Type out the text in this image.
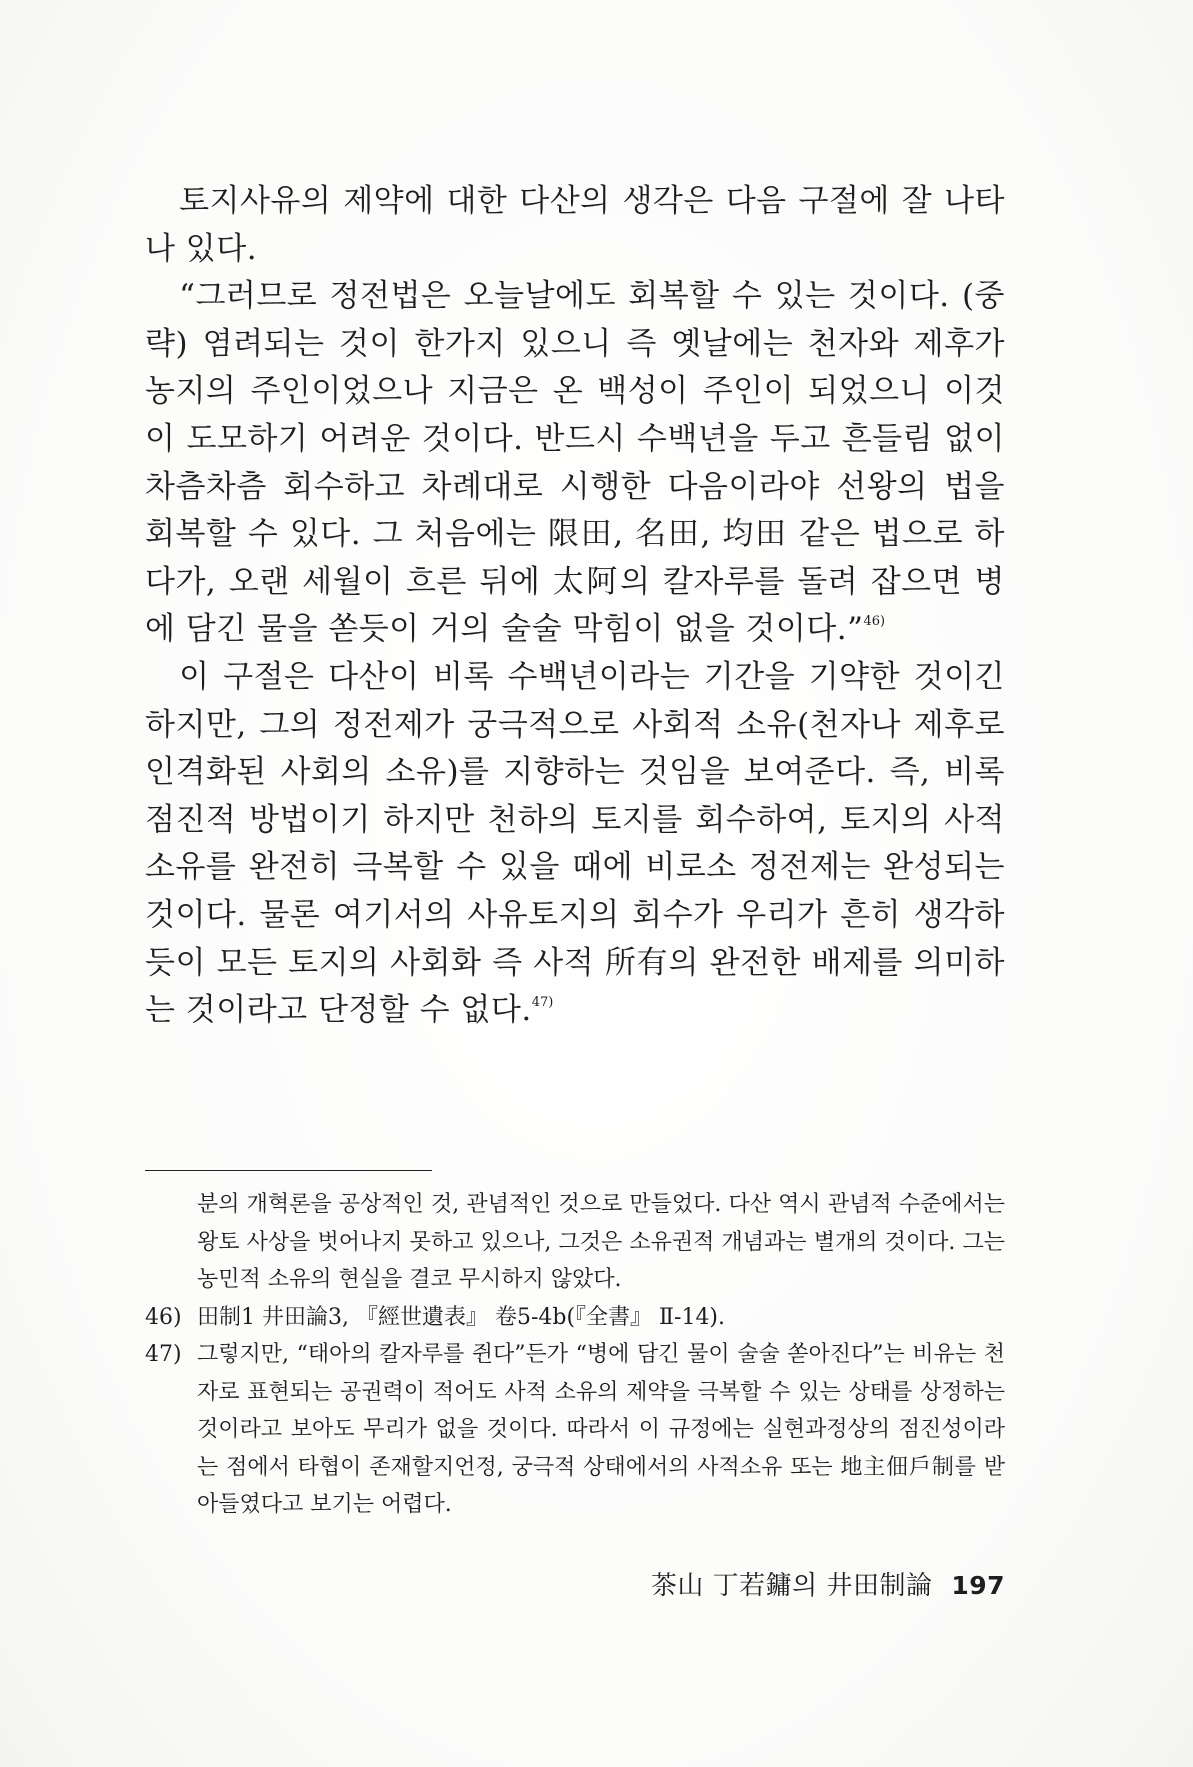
토지사유의 제약에 대한 다산의 생각은 다음 구절에 잘 나타나 있다.

“그러므로 정전법은 오늘날에도 회복할 수 있는 것이다. (중략) 염려되는 것이 한가지 있으니 즉 옛날에는 천자와 제후가 농지의 주인이었으나 지금은 온 백성이 주인이 되었으니 이것이 도모하기 어려운 것이다. 반드시 수백년을 두고 흔들림 없이 차츰차츰 회수하고 차례대로 시행한 다음이라야 선왕의 법을 회복할 수 있다. 그 처음에는 限田, 名田, 均田 같은 법으로 하다가, 오랜 세월이 흐른 뒤에 太阿의 칼자루를 돌려 잡으면 병에 담긴 물을 쏟듯이 거의 술술 막힘이 없을 것이다.”$^{46)}$

이 구절은 다산이 비록 수백년이라는 기간을 기약한 것이긴 하지만, 그의 정전제가 궁극적으로 사회적 소유(천자나 제후로 인격화된 사회의 소유)를 지향하는 것임을 보여준다. 즉, 비록 점진적 방법이기 하지만 천하의 토지를 회수하여, 토지의 사적 소유를 완전히 극복할 수 있을 때에 비로소 정전제는 완성되는 것이다. 물론 여기서의 사유토지의 회수가 우리가 흔히 생각하듯이 모든 토지의 사회화 즉 사적 所有의 완전한 배제를 의미하는 것이라고 단정할 수 없다.$^{47)}$

분의 개혁론을 공상적인 것, 관념적인 것으로 만들었다. 다산 역시 관념적 수준에서는 왕토 사상을 벗어나지 못하고 있으나, 그것은 소유권적 개념과는 별개의 것이다. 그는 농민적 소유의 현실을 결코 무시하지 않았다.

46) 田制1 井田論3, 『經世遺表』 卷5-4b(『全書』 Ⅱ-14).

47) 그렇지만, “태아의 칼자루를 쥔다”든가 “병에 담긴 물이 술술 쏟아진다”는 비유는 천자로 표현되는 공권력이 적어도 사적 소유의 제약을 극복할 수 있는 상태를 상정하는 것이라고 보아도 무리가 없을 것이다. 따라서 이 규정에는 실현과정상의 점진성이라는 점에서 타협이 존재할지언정, 궁극적 상태에서의 사적소유 또는 地主佃戶制를 받아들였다고 보기는 어렵다.

茶山 丁若鏞의 井田制論 197
